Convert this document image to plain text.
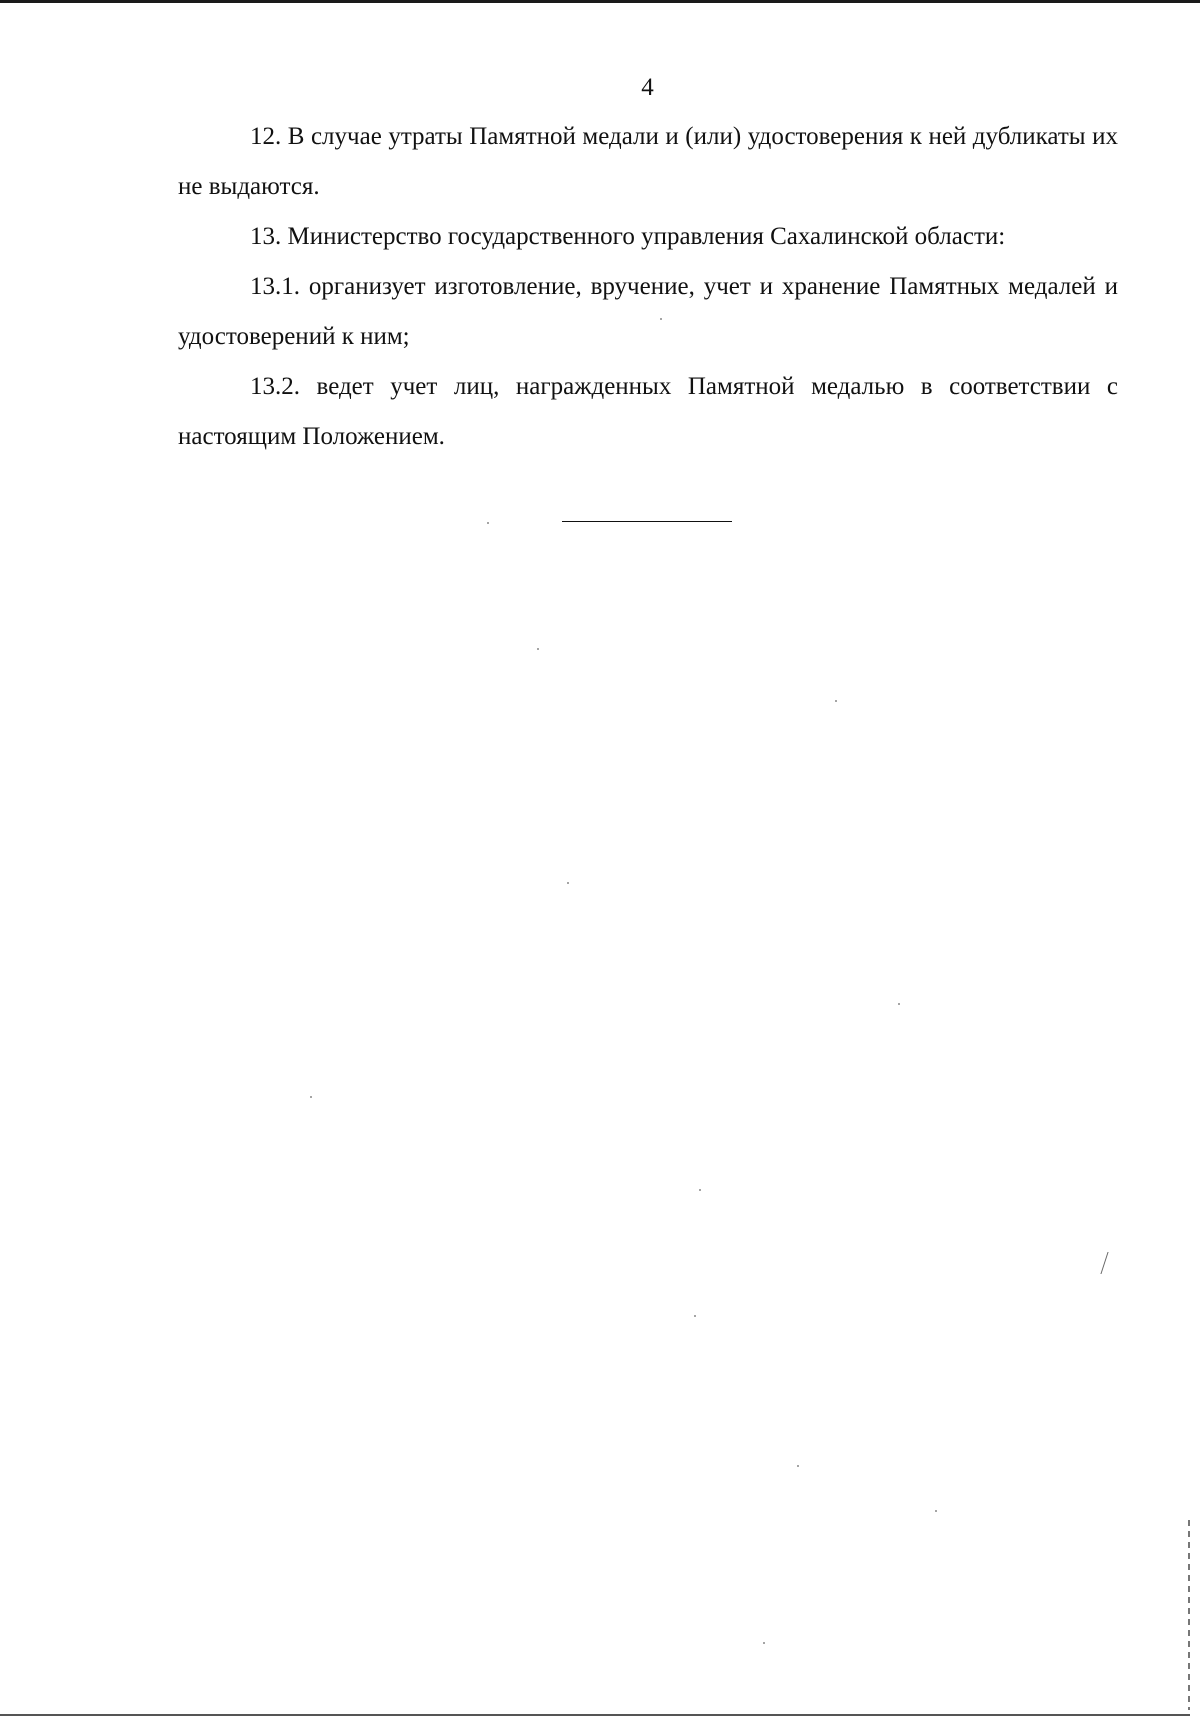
4

12. В случае утраты Памятной медали и (или) удостоверения к ней дубликаты их не выдаются.

13. Министерство государственного управления Сахалинской области:

13.1. организует изготовление, вручение, учет и хранение Памятных медалей и удостоверений к ним;

13.2. ведет учет лиц, награжденных Памятной медалью в соответствии с настоящим Положением.
